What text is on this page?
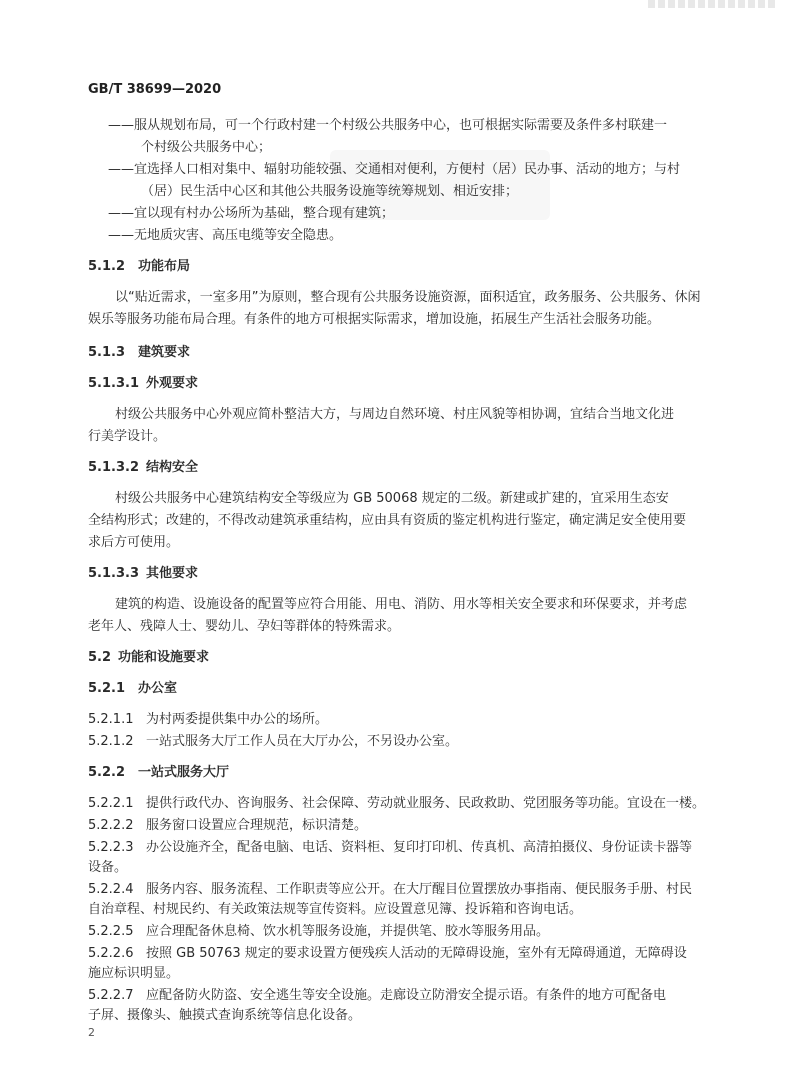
GB/T 38699—2020
——服从规划布局，可一个行政村建一个村级公共服务中心，也可根据实际需要及条件多村联建一
个村级公共服务中心；
——宜选择人口相对集中、辐射功能较强、交通相对便利，方便村（居）民办事、活动的地方；与村
（居）民生活中心区和其他公共服务设施等统筹规划、相近安排；
——宜以现有村办公场所为基础，整合现有建筑；
——无地质灾害、高压电缆等安全隐患。
5.1.2 功能布局
以“贴近需求，一室多用”为原则，整合现有公共服务设施资源，面积适宜，政务服务、公共服务、休闲
娱乐等服务功能布局合理。有条件的地方可根据实际需求，增加设施，拓展生产生活社会服务功能。
5.1.3 建筑要求
5.1.3.1 外观要求
村级公共服务中心外观应简朴整洁大方，与周边自然环境、村庄风貌等相协调，宜结合当地文化进
行美学设计。
5.1.3.2 结构安全
村级公共服务中心建筑结构安全等级应为 GB 50068 规定的二级。新建或扩建的，宜采用生态安
全结构形式；改建的，不得改动建筑承重结构，应由具有资质的鉴定机构进行鉴定，确定满足安全使用要
求后方可使用。
5.1.3.3 其他要求
建筑的构造、设施设备的配置等应符合用能、用电、消防、用水等相关安全要求和环保要求，并考虑
老年人、残障人士、婴幼儿、孕妇等群体的特殊需求。
5.2 功能和设施要求
5.2.1 办公室
5.2.1.1 为村两委提供集中办公的场所。
5.2.1.2 一站式服务大厅工作人员在大厅办公，不另设办公室。
5.2.2 一站式服务大厅
5.2.2.1 提供行政代办、咨询服务、社会保障、劳动就业服务、民政救助、党团服务等功能。宜设在一楼。
5.2.2.2 服务窗口设置应合理规范，标识清楚。
5.2.2.3 办公设施齐全，配备电脑、电话、资料柜、复印打印机、传真机、高清拍摄仪、身份证读卡器等
设备。
5.2.2.4 服务内容、服务流程、工作职责等应公开。在大厅醒目位置摆放办事指南、便民服务手册、村民
自治章程、村规民约、有关政策法规等宣传资料。应设置意见簿、投诉箱和咨询电话。
5.2.2.5 应合理配备休息椅、饮水机等服务设施，并提供笔、胶水等服务用品。
5.2.2.6 按照 GB 50763 规定的要求设置方便残疾人活动的无障碍设施，室外有无障碍通道，无障碍设
施应标识明显。
5.2.2.7 应配备防火防盗、安全逃生等安全设施。走廊设立防滑安全提示语。有条件的地方可配备电
子屏、摄像头、触摸式查询系统等信息化设备。
2
